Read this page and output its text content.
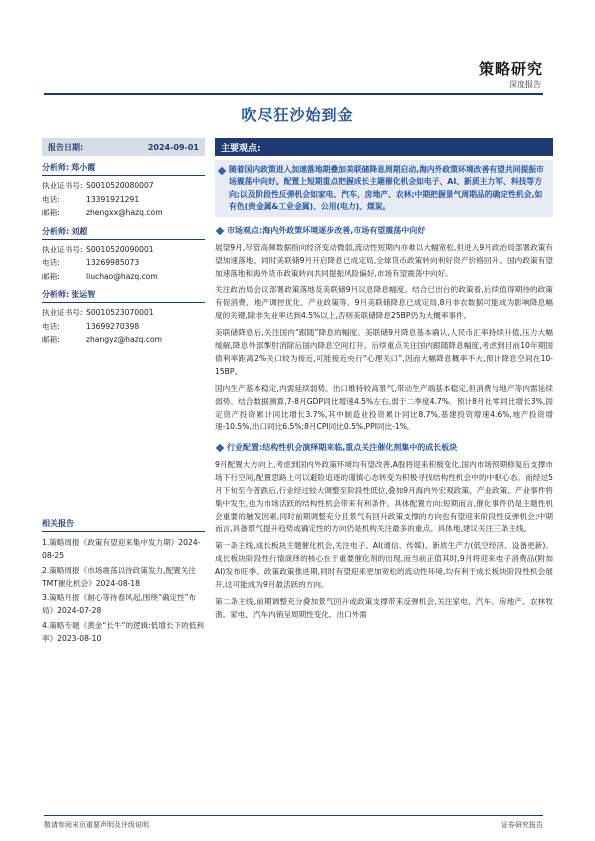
策略研究
深度报告
吹尽狂沙始到金
报告日期:	2024-09-01
分析师: 郑小霞
执业证书号: S0010520080007
电话:	13391921291
邮箱:	zhengxx@hazq.com
分析师: 刘超
执业证书号: S0010520090001
电话:	13269985073
邮箱:	liuchao@hazq.com
分析师: 张运智
执业证书号: S0010523070001
电话:	13699270398
邮箱:	zhangyz@hazq.com
相关报告
1.策略周报《政策有望迎来集中发力期》2024-08-25
2.策略周报《市场震荡以待政策发力,配置关注TMT催化机会》2024-08-18
3.策略月报《耐心等待春风起,围绕“确定性”布局》2024-07-28
4.策略专题《黄金“长牛”的逻辑:低增长下的低利率》2023-08-10
主要观点:

随着国内政策进入加速落地期叠加美联储降息周期启动,海内外政策环境改善有望共同提振市场震荡中向好。配置上短期重点把握成长主题催化机会如电子、AI、新质主力军、科技等方向;以及阶段性反弹机会如家电、汽车、房地产、农林;中期把握景气周期品的确定性机会,如有色(贵金属&工业金属)、公用(电力)、煤炭。

市场观点:海内外政策环境逐步改善,市场有望震荡中向好

展望9月,尽管高频数据指向经济变动微弱,流动性短期内亦难以大幅宽松,但进入9月政治局部署政策有望加速落地。同时美联储9月开启降息已成定局,全球货币政策转向利好资产价格回升。国内政策有望加速落地和海外货币政策转向共同提振风险偏好,市场有望震荡中向好。

关注政治局会议部署政策落地及美联储9月议息降息幅度。结合已出台的政策看,后续值得期待的政策有促消费、地产调控优化、产业政策等。9月美联储降息已成定局,8月非农数据可能成为影响降息幅度的关键,除非失业率达到4.5%以上,否则美联储降息25BP仍为大概率事件。

美联储降息后,关注国内“跟随”降息的幅度。美联储9月降息基本确认,人民币汇率持续升值,压力大幅缓解,降息外部掣肘消除后国内降息空间打开。后续重点关注国内跟随降息幅度,考虑到目前10年期国债利率距离2%关口较为接近,可能接近央行“心理关口”,因而大幅降息概率不大,预计降息空间在10-15BP。

国内生产基本稳定,内需延续弱势。出口维持较高景气,带动生产端基本稳定,但消费与地产等内需延续弱势。结合数据测算,7-8月GDP同比增速4.5%左右,弱于二季度4.7%。预计8月社零同比增长3%,固定资产投资累计同比增长3.7%,其中制造业投资累计同比8.7%,基建投资增速4.6%,地产投资增速-10.5%,出口同比6.5%;8月CPI同比0.5%,PPI同比-1%。

行业配置:结构性机会演绎期来临,重点关注催化剂集中的成长板块

9月配置大方向上,考虑到国内外政策环境均有望改善,A股将迎来积极变化,国内市场预期修复后支撑市场下行空间,配置思路上可以避险追逐的谨慎心态转变为积极寻找结构性机会中的中枢心态。而经过5月下旬至今普跌后,行业经过较大调整至阶段性低位,叠加9月海内外宏观政策、产业政策、产业事件将集中发生,也为市场活跃的结构性机会带来有利条件。具体配置方向:短期而言,催化事件仍是主题性机会重要的触发因素,同时前期调整充分且景气有回升政策支撑的方向也有望迎来阶段性反弹机会;中期而言,具备景气提升趋势或确定性的方向仍是机构关注最多的重点。具体地,建议关注三条主线。

第一条主线,成长板块主题催化机会,关注电子、AI(通信、传媒)、新质生产力(低空经济、设备更新)。成长板块阶段性行情演绎的核心在于重要催化剂的出现,而当前正值其时,9月将迎来电子消费品(附加AI)发布旺季、政策政策推进期,同时有望迎来更加宽松的流动性环境,均有利于成长板块阶段性机会展开,这可能成为9月最活跃的方向。

第二条主线,前期调整充分叠加景气回升或政策支撑带来反弹机会,关注家电、汽车、房地产、农林牧渔。家电、汽车内销呈周期性变化、出口外需

敬请参阅末页重要声明及评级说明	证券研究报告
